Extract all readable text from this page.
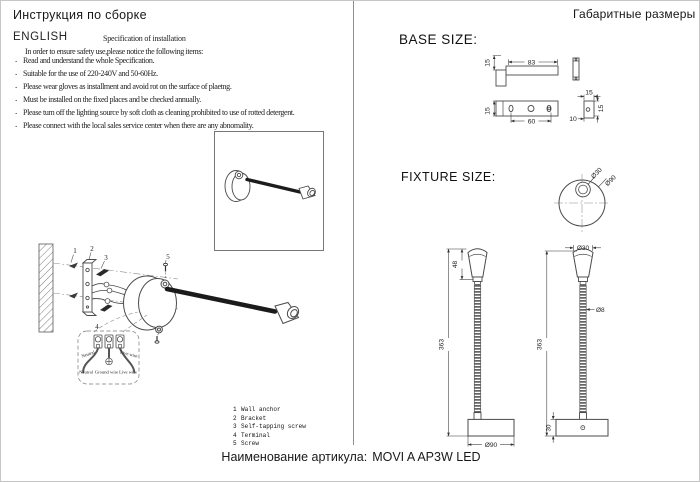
Инструкция по сборке
ENGLISH	Specification of installation
In order to ensure safety use,please notice the following items:
. Read and understand the whole Specification.
. Suitable for the use of 220-240V and 50-60Hz.
. Please wear gloves as installment and avoid rot on the surface of plaetng.
. Must be installed on the fixed places and be checked annually.
. Please tum off the lighting source by soft cloth as cleaning prohibited to use of rotted detergent.
. Please connect with the local sales service center when there are any abnomality.
1 2
3
4
5
Neutral	Live wire
Neutral Ground wire Live wire
1 Wall anchor
2 Bracket
3 Self-tapping screw
4 Terminal
5 Screw
Габаритные размеры
BASE SIZE:
FIXTURE SIZE:
83
15
15
60
15
15
10
Ø30
Ø90
363
48
Ø90
Ø30
Ø8
363
30
Наименование артикула: MOVI A AP3W LED
